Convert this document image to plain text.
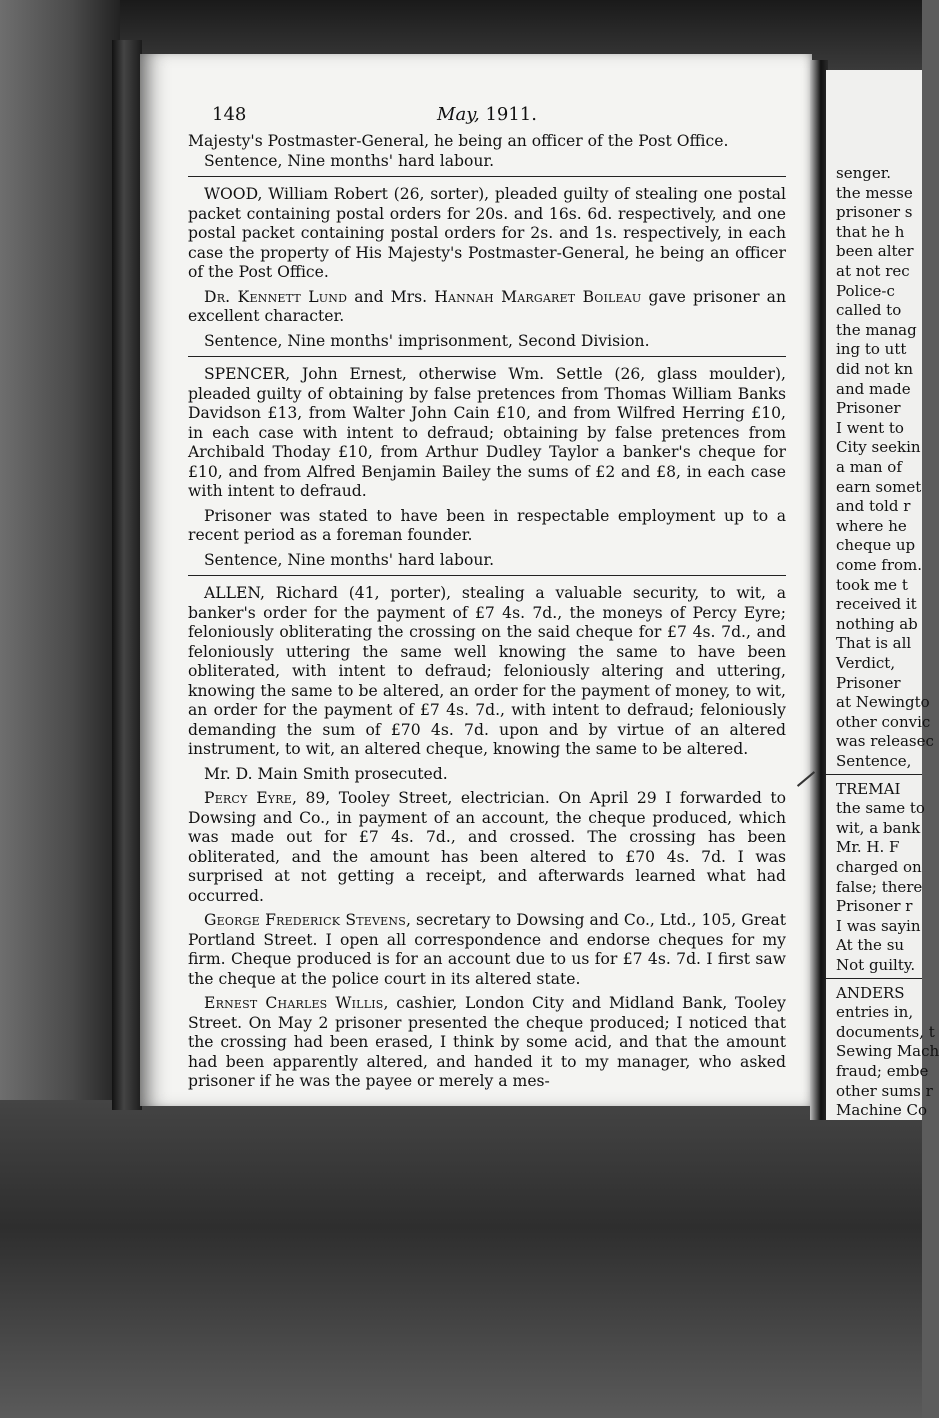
148	May, 1911.

Majesty's Postmaster-General, he being an officer of the Post Office.

Sentence, Nine months' hard labour.

WOOD, William Robert (26, sorter), pleaded guilty of stealing one postal packet containing postal orders for 20s. and 16s. 6d. respectively, and one postal packet containing postal orders for 2s. and 1s. respectively, in each case the property of His Majesty's Postmaster-General, he being an officer of the Post Office.

Dr. Kennett Lund and Mrs. Hannah Margaret Boileau gave prisoner an excellent character.

Sentence, Nine months' imprisonment, Second Division.

SPENCER, John Ernest, otherwise Wm. Settle (26, glass moulder), pleaded guilty of obtaining by false pretences from Thomas William Banks Davidson £13, from Walter John Cain £10, and from Wilfred Herring £10, in each case with intent to defraud; obtaining by false pretences from Archibald Thoday £10, from Arthur Dudley Taylor a banker's cheque for £10, and from Alfred Benjamin Bailey the sums of £2 and £8, in each case with intent to defraud.

Prisoner was stated to have been in respectable employment up to a recent period as a foreman founder.

Sentence, Nine months' hard labour.

ALLEN, Richard (41, porter), stealing a valuable security, to wit, a banker's order for the payment of £7 4s. 7d., the moneys of Percy Eyre; feloniously obliterating the crossing on the said cheque for £7 4s. 7d., and feloniously uttering the same well knowing the same to have been obliterated, with intent to defraud; feloniously altering and uttering, knowing the same to be altered, an order for the payment of money, to wit, an order for the payment of £7 4s. 7d., with intent to defraud; feloniously demanding the sum of £70 4s. 7d. upon and by virtue of an altered instrument, to wit, an altered cheque, knowing the same to be altered.

Mr. D. Main Smith prosecuted.

Percy Eyre, 89, Tooley Street, electrician. On April 29 I forwarded to Dowsing and Co., in payment of an account, the cheque produced, which was made out for £7 4s. 7d., and crossed. The crossing has been obliterated, and the amount has been altered to £70 4s. 7d. I was surprised at not getting a receipt, and afterwards learned what had occurred.

George Frederick Stevens, secretary to Dowsing and Co., Ltd., 105, Great Portland Street. I open all correspondence and endorse cheques for my firm. Cheque produced is for an account due to us for £7 4s. 7d. I first saw the cheque at the police court in its altered state.

Ernest Charles Willis, cashier, London City and Midland Bank, Tooley Street. On May 2 prisoner presented the cheque produced; I noticed that the crossing had been erased, I think by some acid, and that the amount had been apparently altered, and handed it to my manager, who asked prisoner if he was the payee or merely a mes-

senger.
the messe
prisoner s
that he h
been alter
at not rec
Police-c
called to
the manag
ing to utt
did not kn
and made
Prisoner
I went to
City seekin
a man of
earn somet
and told r
where he
cheque up
come from.
took me t
received it
nothing ab
That is all
Verdict,
Prisoner
at Newingto
other convic
was releasec
Sentence,
TREMAI
the same to
wit, a bank
Mr. H. F
charged on
false; there
Prisoner r
I was sayin
At the su
Not guilty.
ANDERS
entries in,
documents, t
Sewing Mach
fraud; embe
other sums r
Machine Co
